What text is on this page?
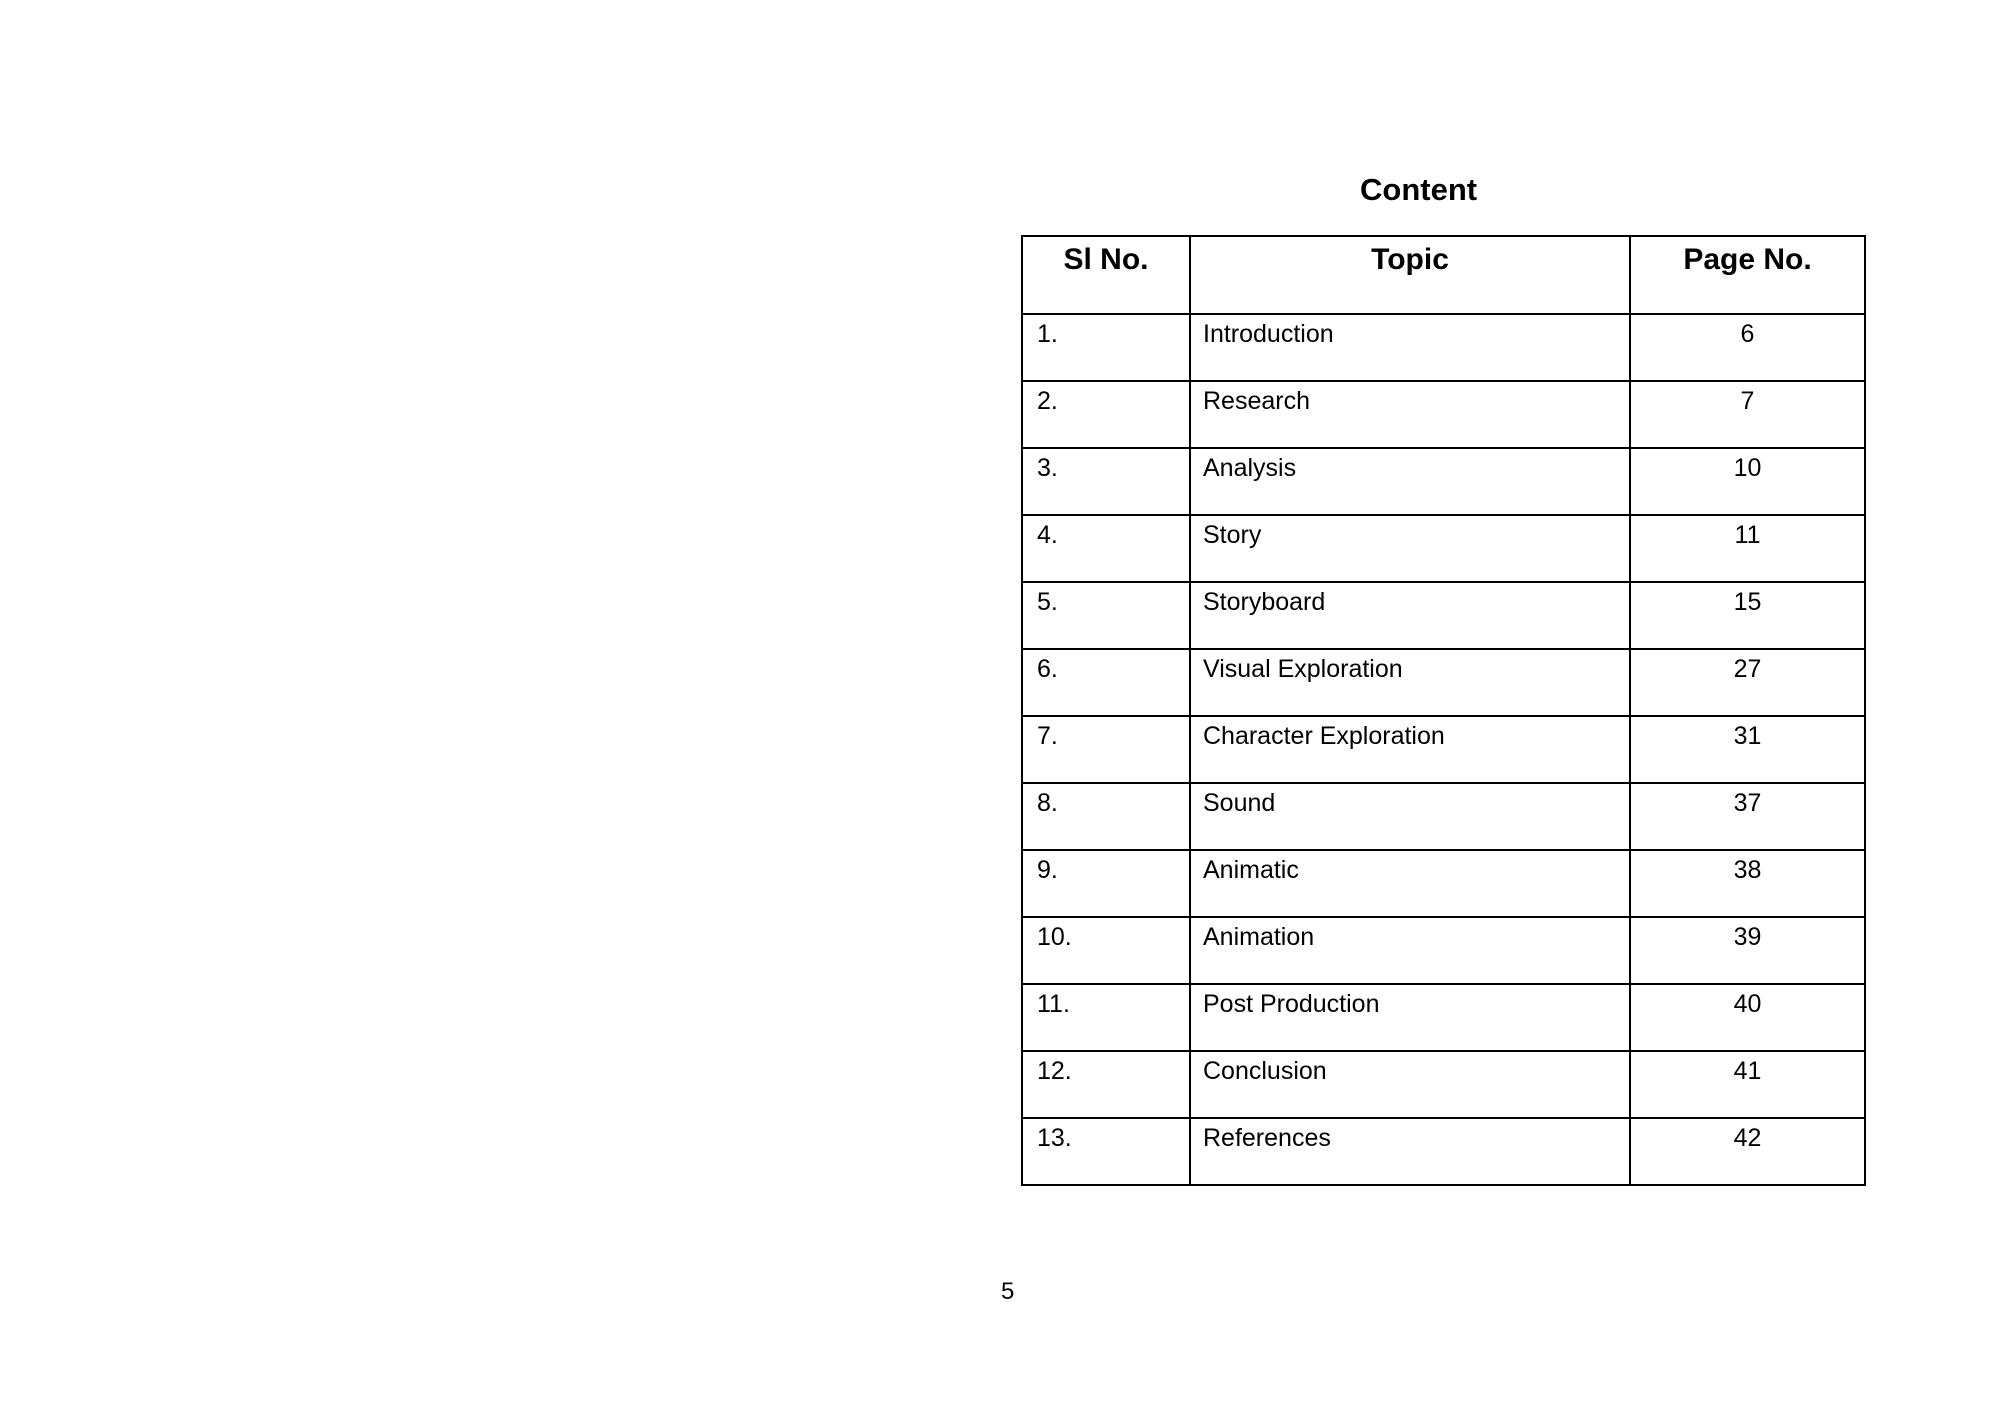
Content
Sl No.	Topic	Page No.
1.	Introduction	6
2.	Research	7
3.	Analysis	10
4.	Story	11
5.	Storyboard	15
6.	Visual Exploration	27
7.	Character Exploration	31
8.	Sound	37
9.	Animatic	38
10.	Animation	39
11.	Post Production	40
12.	Conclusion	41
13.	References	42
5
